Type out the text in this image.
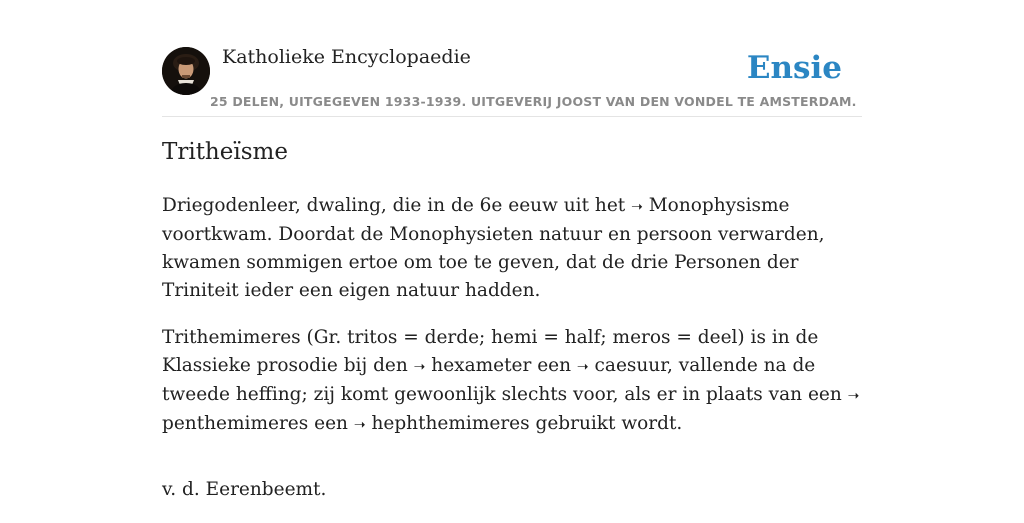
Katholieke Encyclopaedie
25 DELEN, UITGEGEVEN 1933-1939. UITGEVERIJ JOOST VAN DEN VONDEL TE AMSTERDAM.
Ensie
Tritheïsme

Driegodenleer, dwaling, die in de 6e eeuw uit het ➝ Monophysisme voortkwam. Doordat de Monophysieten natuur en persoon verwarden, kwamen sommigen ertoe om toe te geven, dat de drie Personen der Triniteit ieder een eigen natuur hadden.

Trithemimeres (Gr. tritos = derde; hemi = half; meros = deel) is in de Klassieke prosodie bij den ➝ hexameter een ➝ caesuur, vallende na de tweede heffing; zij komt gewoonlijk slechts voor, als er in plaats van een ➝ penthemimeres een ➝ hephthemimeres gebruikt wordt.

v. d. Eerenbeemt.
